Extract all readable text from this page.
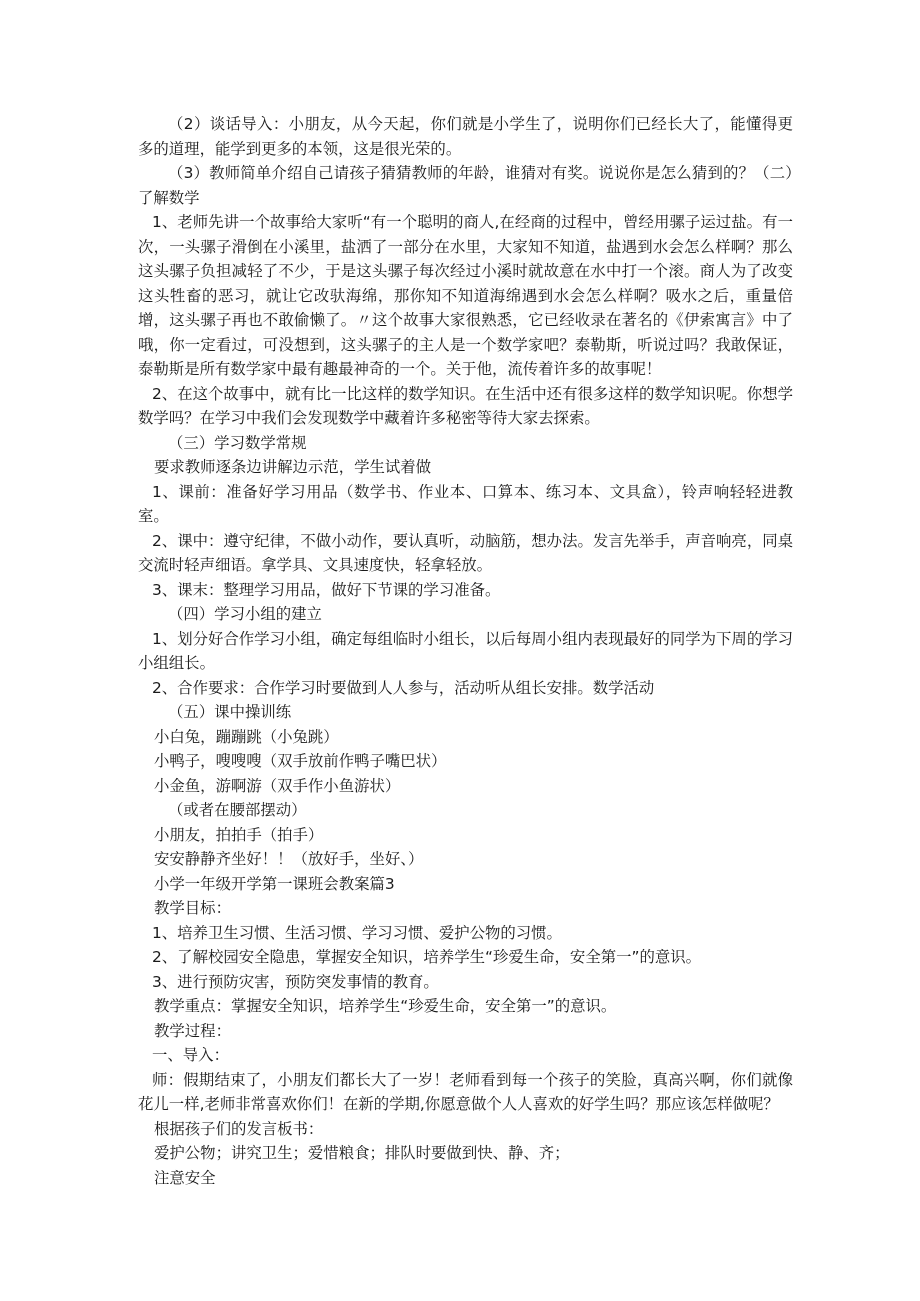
（2）谈话导入：小朋友，从今天起，你们就是小学生了，说明你们已经长大了，能懂得更多的道理，能学到更多的本领，这是很光荣的。

（3）教师简单介绍自己请孩子猜猜教师的年龄，谁猜对有奖。说说你是怎么猜到的？（二）了解数学

1、老师先讲一个故事给大家听“有一个聪明的商人,在经商的过程中，曾经用骡子运过盐。有一次，一头骡子滑倒在小溪里，盐洒了一部分在水里，大家知不知道，盐遇到水会怎么样啊？那么这头骡子负担减轻了不少，于是这头骡子每次经过小溪时就故意在水中打一个滚。商人为了改变这头牲畜的恶习，就让它改驮海绵，那你知不知道海绵遇到水会怎么样啊？吸水之后，重量倍增，这头骡子再也不敢偷懒了。〃这个故事大家很熟悉，它已经收录在著名的《伊索寓言》中了哦，你一定看过，可没想到，这头骡子的主人是一个数学家吧？泰勒斯，听说过吗？我敢保证，泰勒斯是所有数学家中最有趣最神奇的一个。关于他，流传着许多的故事呢！

2、在这个故事中，就有比一比这样的数学知识。在生活中还有很多这样的数学知识呢。你想学数学吗？在学习中我们会发现数学中藏着许多秘密等待大家去探索。

（三）学习数学常规

要求教师逐条边讲解边示范，学生试着做

1、课前：准备好学习用品（数学书、作业本、口算本、练习本、文具盒），铃声响轻轻进教室。

2、课中：遵守纪律，不做小动作，要认真听，动脑筋，想办法。发言先举手，声音响亮，同桌交流时轻声细语。拿学具、文具速度快，轻拿轻放。

3、课末：整理学习用品，做好下节课的学习准备。

（四）学习小组的建立

1、划分好合作学习小组，确定每组临时小组长，以后每周小组内表现最好的同学为下周的学习小组组长。

2、合作要求：合作学习时要做到人人参与，活动听从组长安排。数学活动

（五）课中操训练

小白兔，蹦蹦跳（小兔跳）

小鸭子，嗖嗖嗖（双手放前作鸭子嘴巴状）

小金鱼，游啊游（双手作小鱼游状）

（或者在腰部摆动）

小朋友，拍拍手（拍手）

安安静静齐坐好！！（放好手，坐好、）

小学一年级开学第一课班会教案篇3

教学目标：

1、培养卫生习惯、生活习惯、学习习惯、爱护公物的习惯。

2、了解校园安全隐患，掌握安全知识，培养学生“珍爱生命，安全第一”的意识。

3、进行预防灾害，预防突发事情的教育。

教学重点：掌握安全知识，培养学生“珍爱生命，安全第一”的意识。

教学过程：

一、导入：

师：假期结束了，小朋友们都长大了一岁！老师看到每一个孩子的笑脸，真高兴啊，你们就像花儿一样,老师非常喜欢你们！在新的学期,你愿意做个人人喜欢的好学生吗？那应该怎样做呢？

根据孩子们的发言板书：

爱护公物；讲究卫生；爱惜粮食；排队时要做到快、静、齐；

注意安全
